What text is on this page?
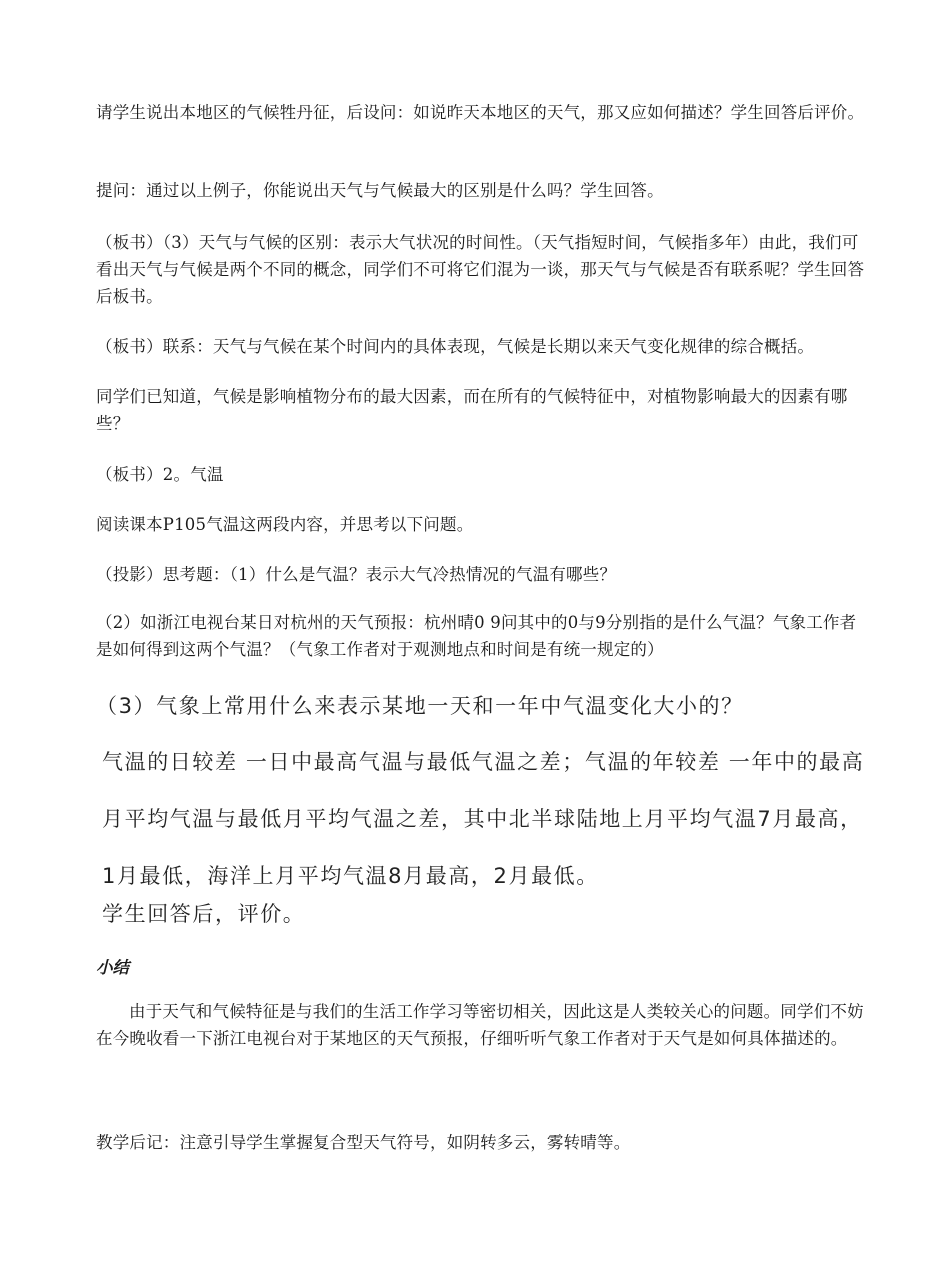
请学生说出本地区的气候牲丹征，后设问：如说昨天本地区的天气，那又应如何描述？学生回答后评价。
提问：通过以上例子，你能说出天气与气候最大的区别是什么吗？学生回答。
（板书）（3）天气与气候的区别：表示大气状况的时间性。（天气指短时间，气候指多年）由此，我们可看出天气与气候是两个不同的概念，同学们不可将它们混为一谈，那天气与气候是否有联系呢？学生回答后板书。
（板书）联系：天气与气候在某个时间内的具体表现，气候是长期以来天气变化规律的综合概括。
同学们已知道，气候是影响植物分布的最大因素，而在所有的气候特征中，对植物影响最大的因素有哪些？
（板书）2。气温
阅读课本P105气温这两段内容，并思考以下问题。
（投影）思考题：（1）什么是气温？表示大气冷热情况的气温有哪些？
（2）如浙江电视台某日对杭州的天气预报：杭州晴0 9问其中的0与9分别指的是什么气温？气象工作者是如何得到这两个气温？（气象工作者对于观测地点和时间是有统一规定的）
（3）气象上常用什么来表示某地一天和一年中气温变化大小的？
气温的日较差 一日中最高气温与最低气温之差；气温的年较差 一年中的最高月平均气温与最低月平均气温之差，其中北半球陆地上月平均气温7月最高，1月最低，海洋上月平均气温8月最高，2月最低。
学生回答后，评价。
小结
由于天气和气候特征是与我们的生活工作学习等密切相关，因此这是人类较关心的问题。同学们不妨在今晚收看一下浙江电视台对于某地区的天气预报，仔细听听气象工作者对于天气是如何具体描述的。
教学后记：注意引导学生掌握复合型天气符号，如阴转多云，雾转晴等。
